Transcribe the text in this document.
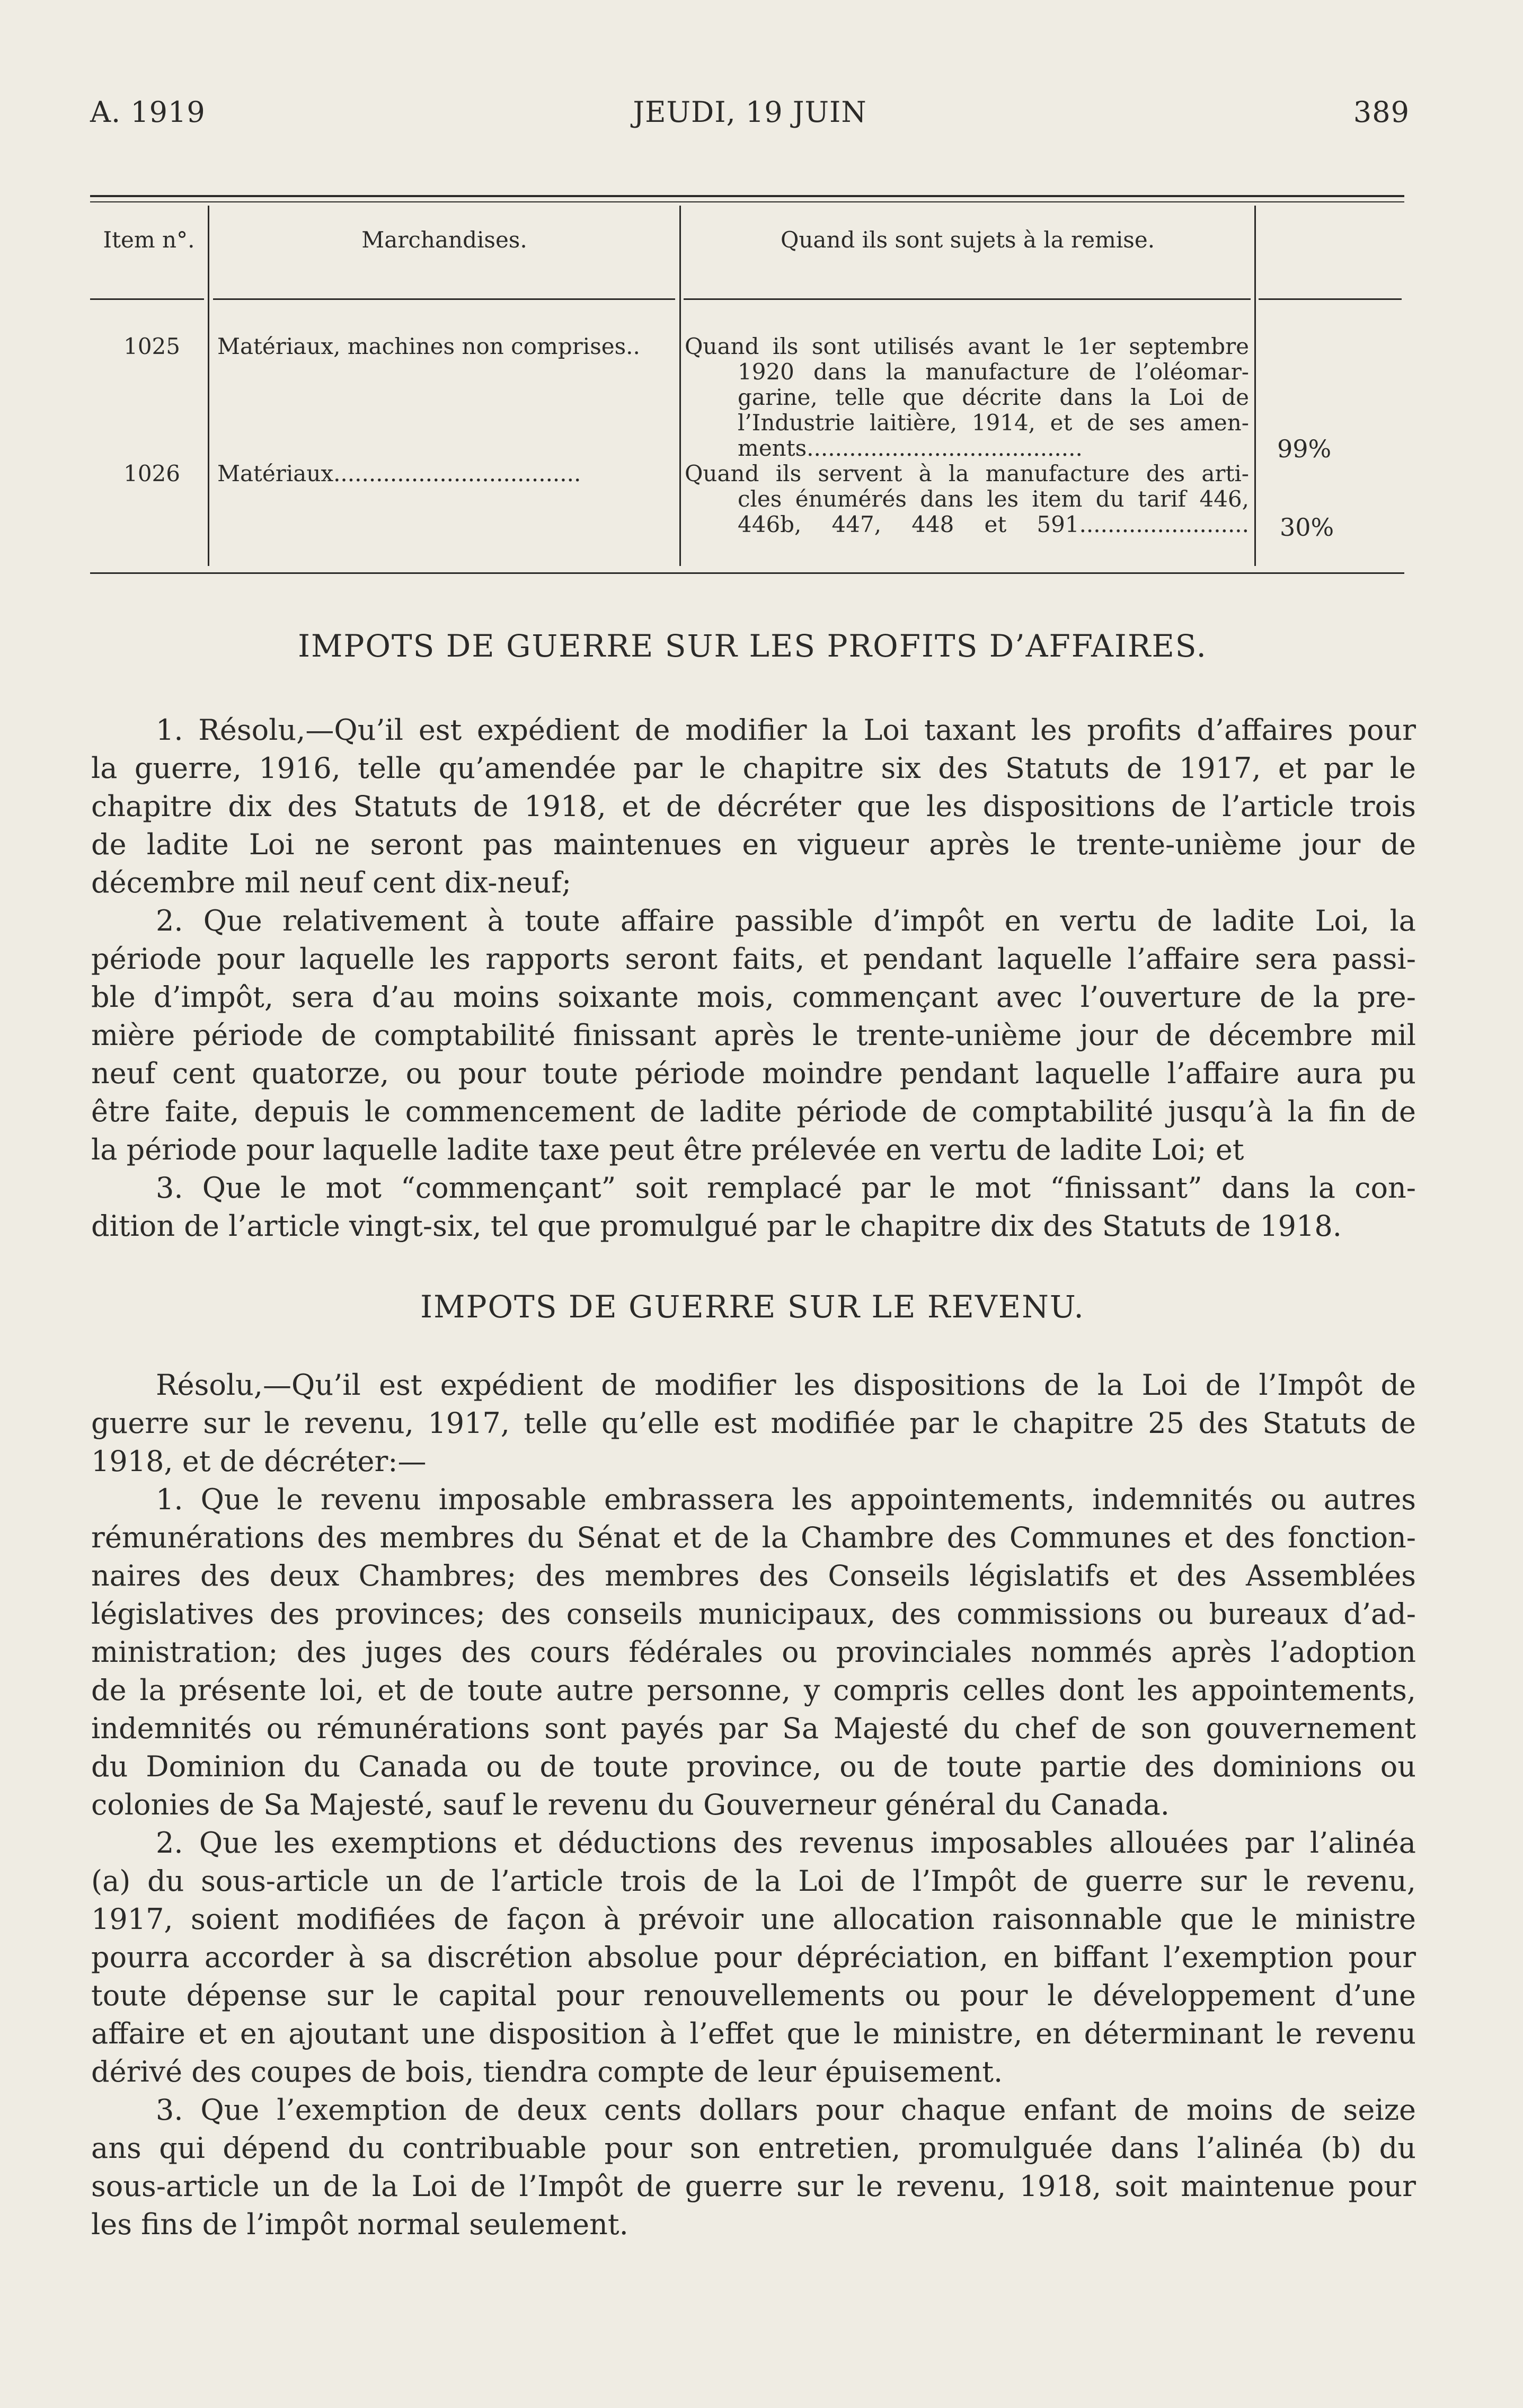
A. 1919	JEUDI, 19 JUIN	389
Item n°.	Marchandises.	Quand ils sont sujets à la remise.
1025 Matériaux, machines non comprises..	Quand ils sont utilisés avant le 1er septembre
1920 dans la manufacture de l’oléomar-
garine, telle que décrite dans la Loi de
l’Industrie laitière, 1914, et de ses amen-
ments.......................................	99%
1026 Matériaux...................................	Quand ils servent à la manufacture des arti-
cles énumérés dans les item du tarif 446,
446b, 447, 448 et 591........................ 30%
IMPOTS DE GUERRE SUR LES PROFITS D’AFFAIRES.

1. Résolu,—Qu’il est expédient de modifier la Loi taxant les profits d’affaires pour
la guerre, 1916, telle qu’amendée par le chapitre six des Statuts de 1917, et par le
chapitre dix des Statuts de 1918, et de décréter que les dispositions de l’article trois
de ladite Loi ne seront pas maintenues en vigueur après le trente-unième jour de
décembre mil neuf cent dix-neuf;

2. Que relativement à toute affaire passible d’impôt en vertu de ladite Loi, la
période pour laquelle les rapports seront faits, et pendant laquelle l’affaire sera passi-
ble d’impôt, sera d’au moins soixante mois, commençant avec l’ouverture de la pre-
mière période de comptabilité finissant après le trente-unième jour de décembre mil
neuf cent quatorze, ou pour toute période moindre pendant laquelle l’affaire aura pu
être faite, depuis le commencement de ladite période de comptabilité jusqu’à la fin de
la période pour laquelle ladite taxe peut être prélevée en vertu de ladite Loi; et

3. Que le mot “commençant” soit remplacé par le mot “finissant” dans la con-
dition de l’article vingt-six, tel que promulgué par le chapitre dix des Statuts de 1918.

IMPOTS DE GUERRE SUR LE REVENU.

Résolu,—Qu’il est expédient de modifier les dispositions de la Loi de l’Impôt de
guerre sur le revenu, 1917, telle qu’elle est modifiée par le chapitre 25 des Statuts de
1918, et de décréter:—

1. Que le revenu imposable embrassera les appointements, indemnités ou autres
rémunérations des membres du Sénat et de la Chambre des Communes et des fonction-
naires des deux Chambres; des membres des Conseils législatifs et des Assemblées
législatives des provinces; des conseils municipaux, des commissions ou bureaux d’ad-
ministration; des juges des cours fédérales ou provinciales nommés après l’adoption
de la présente loi, et de toute autre personne, y compris celles dont les appointements,
indemnités ou rémunérations sont payés par Sa Majesté du chef de son gouvernement
du Dominion du Canada ou de toute province, ou de toute partie des dominions ou
colonies de Sa Majesté, sauf le revenu du Gouverneur général du Canada.

2. Que les exemptions et déductions des revenus imposables allouées par l’alinéa
(a) du sous-article un de l’article trois de la Loi de l’Impôt de guerre sur le revenu,
1917, soient modifiées de façon à prévoir une allocation raisonnable que le ministre
pourra accorder à sa discrétion absolue pour dépréciation, en biffant l’exemption pour
toute dépense sur le capital pour renouvellements ou pour le développement d’une
affaire et en ajoutant une disposition à l’effet que le ministre, en déterminant le revenu
dérivé des coupes de bois, tiendra compte de leur épuisement.

3. Que l’exemption de deux cents dollars pour chaque enfant de moins de seize
ans qui dépend du contribuable pour son entretien, promulguée dans l’alinéa (b) du
sous-article un de la Loi de l’Impôt de guerre sur le revenu, 1918, soit maintenue pour
les fins de l’impôt normal seulement.
